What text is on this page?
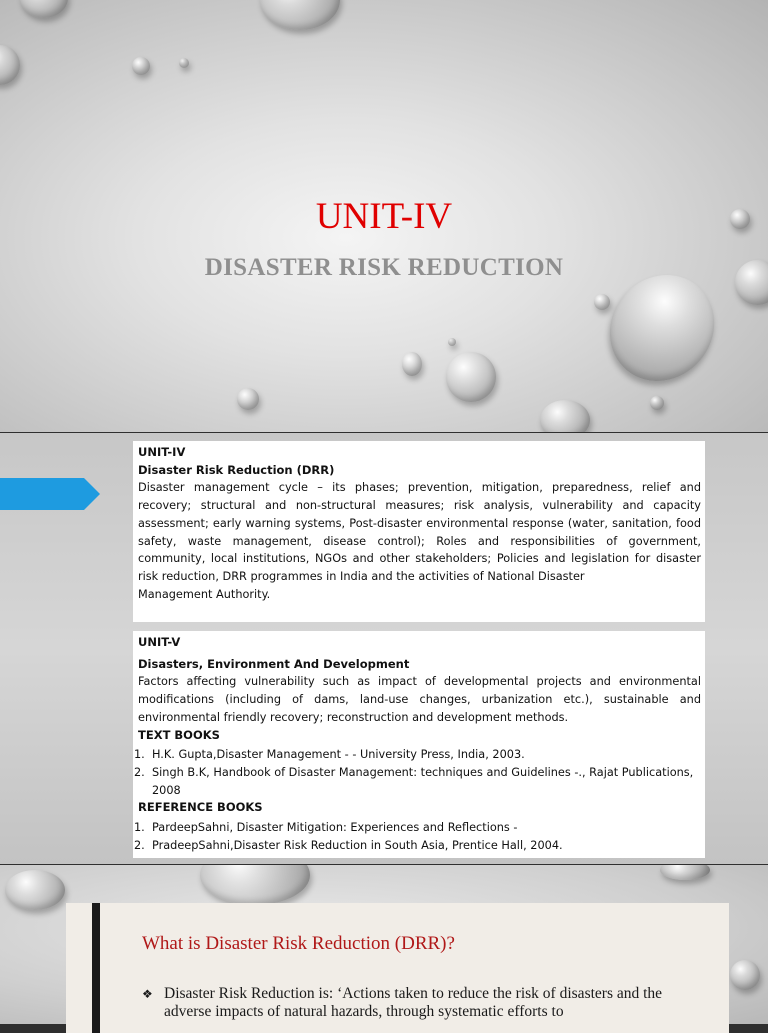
UNIT-IV
DISASTER RISK REDUCTION
UNIT-IV
Disaster Risk Reduction (DRR)

Disaster management cycle – its phases; prevention, mitigation, preparedness, relief and recovery; structural and non-structural measures; risk analysis, vulnerability and capacity assessment; early warning systems, Post-disaster environmental response (water, sanitation, food safety, waste management, disease control); Roles and responsibilities of government, community, local institutions, NGOs and other stakeholders; Policies and legislation for disaster risk reduction, DRR programmes in India and the activities of National Disaster

Management Authority.

UNIT-V
Disasters, Environment And Development

Factors affecting vulnerability such as impact of developmental projects and environmental modifications (including of dams, land-use changes, urbanization etc.), sustainable and environmental friendly recovery; reconstruction and development methods.

TEXT BOOKS
1. H.K. Gupta,Disaster Management - - University Press, India, 2003.
2. Singh B.K, Handbook of Disaster Management: techniques and Guidelines -., Rajat Publications, 2008
REFERENCE BOOKS
1. PardeepSahni, Disaster Mitigation: Experiences and Reflections -
2. PradeepSahni,Disaster Risk Reduction in South Asia, Prentice Hall, 2004.
What is Disaster Risk Reduction (DRR)?
❖ Disaster Risk Reduction is: ‘Actions taken to reduce the risk of disasters and the adverse impacts of natural hazards, through systematic efforts to
